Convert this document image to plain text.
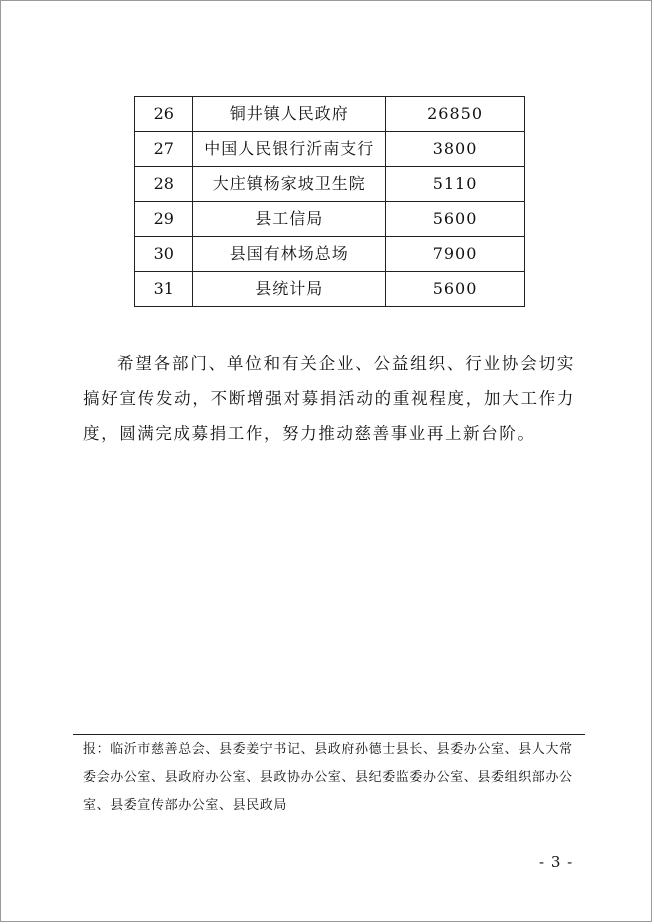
26	铜井镇人民政府	26850
27	中国人民银行沂南支行	3800
28	大庄镇杨家坡卫生院	5110
29	县工信局	5600
30	县国有林场总场	7900
31	县统计局	5600

希望各部门、单位和有关企业、公益组织、行业协会切实搞好宣传发动，不断增强对募捐活动的重视程度，加大工作力度，圆满完成募捐工作，努力推动慈善事业再上新台阶。

报：临沂市慈善总会、县委姜宁书记、县政府孙德士县长、县委办公室、县人大常委会办公室、县政府办公室、县政协办公室、县纪委监委办公室、县委组织部办公室、县委宣传部办公室、县民政局

- 3 -
